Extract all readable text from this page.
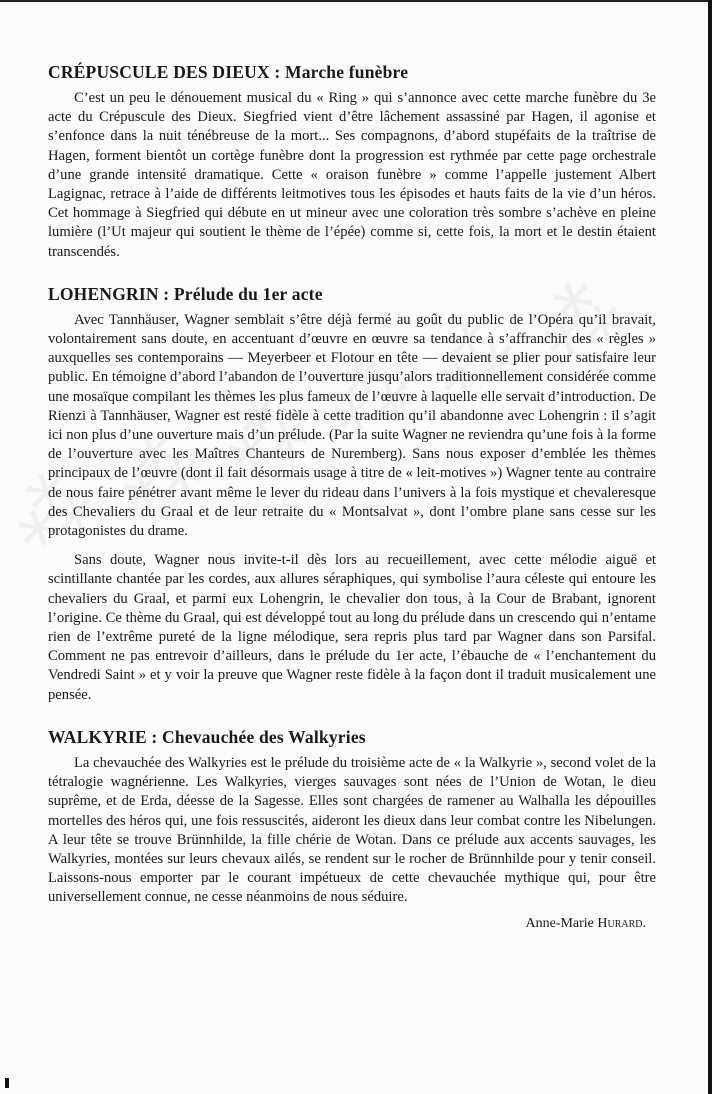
CRÉPUSCULE DES DIEUX : Marche funèbre

C’est un peu le dénouement musical du « Ring » qui s’annonce avec cette marche funèbre du 3e acte du Crépuscule des Dieux. Siegfried vient d’être lâchement assassiné par Hagen, il agonise et s’enfonce dans la nuit ténébreuse de la mort... Ses compagnons, d’abord stupéfaits de la traîtrise de Hagen, forment bientôt un cortège funèbre dont la progression est rythmée par cette page orchestrale d’une grande intensité dramatique. Cette « oraison funèbre » comme l’appelle justement Albert Lagignac, retrace à l’aide de différents leitmotives tous les épisodes et hauts faits de la vie d’un héros. Cet hommage à Siegfried qui débute en ut mineur avec une coloration très sombre s’achève en pleine lumière (l’Ut majeur qui soutient le thème de l’épée) comme si, cette fois, la mort et le destin étaient transcendés.

LOHENGRIN : Prélude du 1er acte

Avec Tannhäuser, Wagner semblait s’être déjà fermé au goût du public de l’Opéra qu’il bravait, volontairement sans doute, en accentuant d’œuvre en œuvre sa tendance à s’affranchir des « règles » auxquelles ses contemporains — Meyerbeer et Flotour en tête — devaient se plier pour satisfaire leur public. En témoigne d’abord l’abandon de l’ouverture jusqu’alors traditionnellement considérée comme une mosaïque compilant les thèmes les plus fameux de l’œuvre à laquelle elle servait d’introduction. De Rienzi à Tannhäuser, Wagner est resté fidèle à cette tradition qu’il abandonne avec Lohengrin : il s’agit ici non plus d’une ouverture mais d’un prélude. (Par la suite Wagner ne reviendra qu’une fois à la forme de l’ouverture avec les Maîtres Chanteurs de Nuremberg). Sans nous exposer d’emblée les thèmes principaux de l’œuvre (dont il fait désormais usage à titre de « leit-motives ») Wagner tente au contraire de nous faire pénétrer avant même le lever du rideau dans l’univers à la fois mystique et chevaleresque des Chevaliers du Graal et de leur retraite du « Montsalvat », dont l’ombre plane sans cesse sur les protagonistes du drame.

Sans doute, Wagner nous invite-t-il dès lors au recueillement, avec cette mélodie aiguë et scintillante chantée par les cordes, aux allures séraphiques, qui symbolise l’aura céleste qui entoure les chevaliers du Graal, et parmi eux Lohengrin, le chevalier don tous, à la Cour de Brabant, ignorent l’origine. Ce thème du Graal, qui est développé tout au long du prélude dans un crescendo qui n’entame rien de l’extrême pureté de la ligne mélodique, sera repris plus tard par Wagner dans son Parsifal. Comment ne pas entrevoir d’ailleurs, dans le prélude du 1er acte, l’ébauche de « l’enchantement du Vendredi Saint » et y voir la preuve que Wagner reste fidèle à la façon dont il traduit musicalement une pensée.

WALKYRIE : Chevauchée des Walkyries

La chevauchée des Walkyries est le prélude du troisième acte de « la Walkyrie », second volet de la tétralogie wagnérienne. Les Walkyries, vierges sauvages sont nées de l’Union de Wotan, le dieu suprême, et de Erda, déesse de la Sagesse. Elles sont chargées de ramener au Walhalla les dépouilles mortelles des héros qui, une fois ressuscités, aideront les dieux dans leur combat contre les Nibelungen. A leur tête se trouve Brünnhilde, la fille chérie de Wotan. Dans ce prélude aux accents sauvages, les Walkyries, montées sur leurs chevaux ailés, se rendent sur le rocher de Brünnhilde pour y tenir conseil. Laissons-nous emporter par le courant impétueux de cette chevauchée mythique qui, pour être universellement connue, ne cesse néanmoins de nous séduire.

Anne-Marie Hurard.
